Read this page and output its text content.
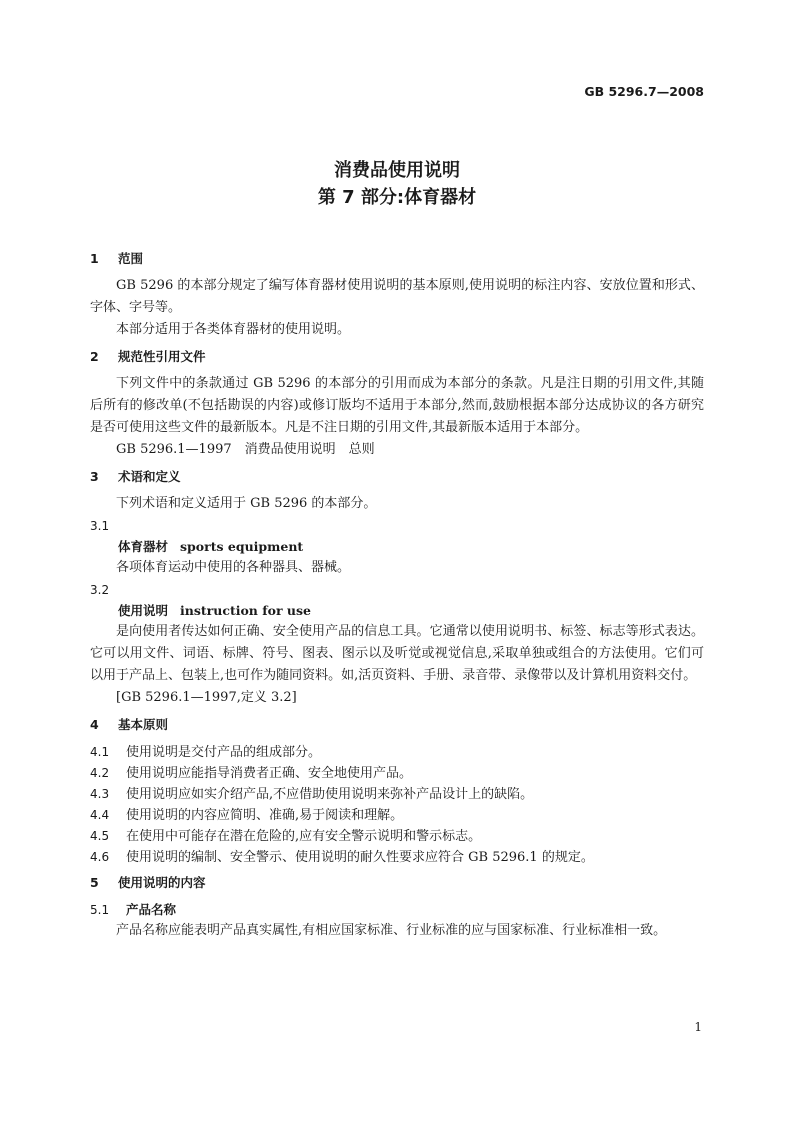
GB 5296.7—2008
消费品使用说明
第 7 部分:体育器材
1 范围

GB 5296 的本部分规定了编写体育器材使用说明的基本原则,使用说明的标注内容、安放位置和形式、字体、字号等。

本部分适用于各类体育器材的使用说明。

2 规范性引用文件

下列文件中的条款通过 GB 5296 的本部分的引用而成为本部分的条款。凡是注日期的引用文件,其随后所有的修改单(不包括勘误的内容)或修订版均不适用于本部分,然而,鼓励根据本部分达成协议的各方研究是否可使用这些文件的最新版本。凡是不注日期的引用文件,其最新版本适用于本部分。

GB 5296.1—1997　消费品使用说明　总则

3 术语和定义

下列术语和定义适用于 GB 5296 的本部分。

3.1
体育器材 sports equipment

各项体育运动中使用的各种器具、器械。

3.2
使用说明 instruction for use

是向使用者传达如何正确、安全使用产品的信息工具。它通常以使用说明书、标签、标志等形式表达。它可以用文件、词语、标牌、符号、图表、图示以及听觉或视觉信息,采取单独或组合的方法使用。它们可以用于产品上、包装上,也可作为随同资料。如,活页资料、手册、录音带、录像带以及计算机用资料交付。

[GB 5296.1—1997,定义 3.2]

4 基本原则
4.1 使用说明是交付产品的组成部分。
4.2 使用说明应能指导消费者正确、安全地使用产品。
4.3 使用说明应如实介绍产品,不应借助使用说明来弥补产品设计上的缺陷。
4.4 使用说明的内容应简明、准确,易于阅读和理解。
4.5 在使用中可能存在潜在危险的,应有安全警示说明和警示标志。
4.6 使用说明的编制、安全警示、使用说明的耐久性要求应符合 GB 5296.1 的规定。
5 使用说明的内容
5.1 产品名称

产品名称应能表明产品真实属性,有相应国家标准、行业标准的应与国家标准、行业标准相一致。

1
